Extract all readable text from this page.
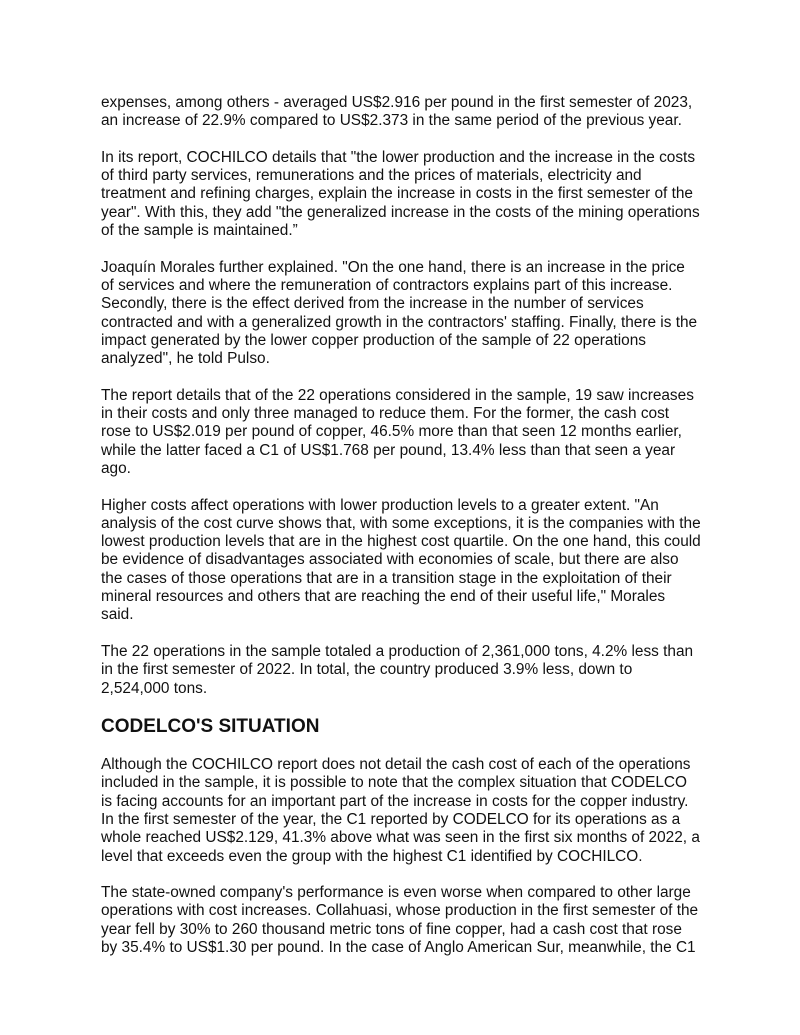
expenses, among others - averaged US$2.916 per pound in the first semester of 2023,
an increase of 22.9% compared to US$2.373 in the same period of the previous year.

In its report, COCHILCO details that "the lower production and the increase in the costs
of third party services, remunerations and the prices of materials, electricity and
treatment and refining charges, explain the increase in costs in the first semester of the
year". With this, they add "the generalized increase in the costs of the mining operations
of the sample is maintained.”

Joaquín Morales further explained. "On the one hand, there is an increase in the price
of services and where the remuneration of contractors explains part of this increase.
Secondly, there is the effect derived from the increase in the number of services
contracted and with a generalized growth in the contractors' staffing. Finally, there is the
impact generated by the lower copper production of the sample of 22 operations
analyzed", he told Pulso.

The report details that of the 22 operations considered in the sample, 19 saw increases
in their costs and only three managed to reduce them. For the former, the cash cost
rose to US$2.019 per pound of copper, 46.5% more than that seen 12 months earlier,
while the latter faced a C1 of US$1.768 per pound, 13.4% less than that seen a year
ago.

Higher costs affect operations with lower production levels to a greater extent. "An
analysis of the cost curve shows that, with some exceptions, it is the companies with the
lowest production levels that are in the highest cost quartile. On the one hand, this could
be evidence of disadvantages associated with economies of scale, but there are also
the cases of those operations that are in a transition stage in the exploitation of their
mineral resources and others that are reaching the end of their useful life," Morales
said.

The 22 operations in the sample totaled a production of 2,361,000 tons, 4.2% less than
in the first semester of 2022. In total, the country produced 3.9% less, down to
2,524,000 tons.

CODELCO'S SITUATION

Although the COCHILCO report does not detail the cash cost of each of the operations
included in the sample, it is possible to note that the complex situation that CODELCO
is facing accounts for an important part of the increase in costs for the copper industry.
In the first semester of the year, the C1 reported by CODELCO for its operations as a
whole reached US$2.129, 41.3% above what was seen in the first six months of 2022, a
level that exceeds even the group with the highest C1 identified by COCHILCO.

The state-owned company's performance is even worse when compared to other large
operations with cost increases. Collahuasi, whose production in the first semester of the
year fell by 30% to 260 thousand metric tons of fine copper, had a cash cost that rose
by 35.4% to US$1.30 per pound. In the case of Anglo American Sur, meanwhile, the C1
